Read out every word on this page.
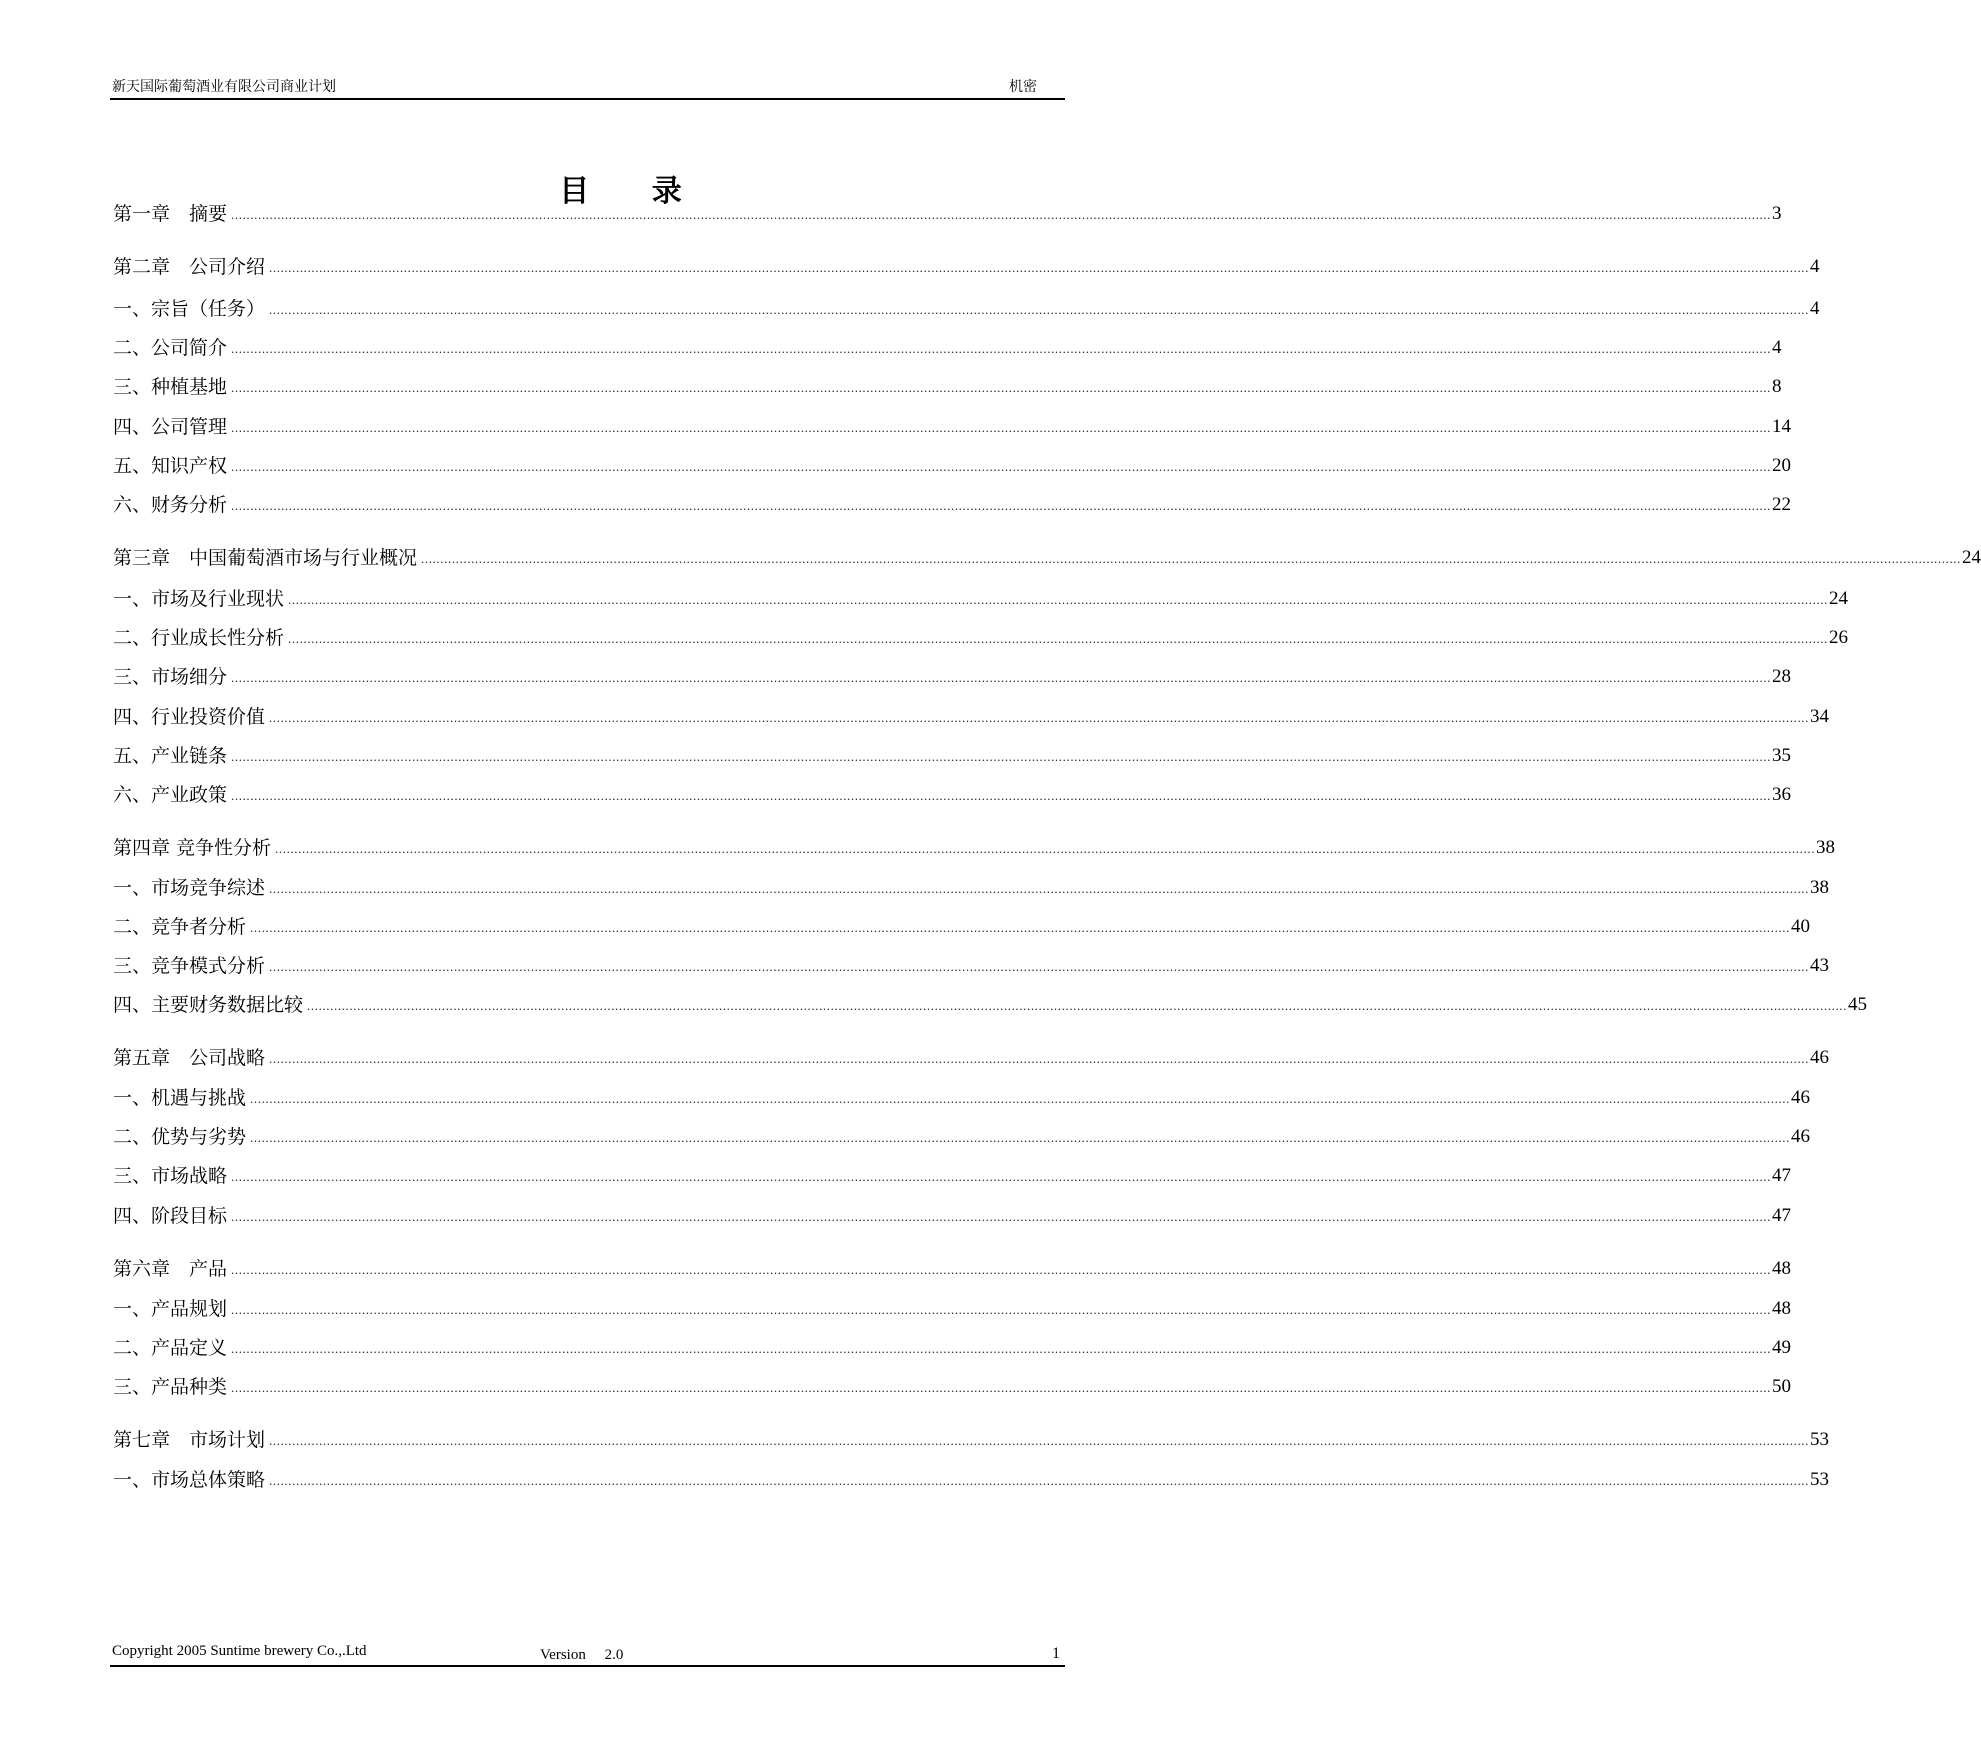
新天国际葡萄酒业有限公司商业计划	机密
目 录
第一章　摘要 ................................................................................................................................................................................................................................................................................................................................................................................................................ 3
第二章　公司介绍 ................................................................................................................................................................................................................................................................................................................................................................................................................ 4
一、宗旨（任务） ................................................................................................................................................................................................................................................................................................................................................................................................................ 4
二、公司简介 ................................................................................................................................................................................................................................................................................................................................................................................................................ 4
三、种植基地 ................................................................................................................................................................................................................................................................................................................................................................................................................ 8
四、公司管理 ................................................................................................................................................................................................................................................................................................................................................................................................................ 14
五、知识产权 ................................................................................................................................................................................................................................................................................................................................................................................................................ 20
六、财务分析 ................................................................................................................................................................................................................................................................................................................................................................................................................ 22
第三章　中国葡萄酒市场与行业概况 ................................................................................................................................................................................................................................................................................................................................................................................................................ 24
一、市场及行业现状 ................................................................................................................................................................................................................................................................................................................................................................................................................ 24
二、行业成长性分析 ................................................................................................................................................................................................................................................................................................................................................................................................................ 26
三、市场细分 ................................................................................................................................................................................................................................................................................................................................................................................................................ 28
四、行业投资价值 ................................................................................................................................................................................................................................................................................................................................................................................................................ 34
五、产业链条 ................................................................................................................................................................................................................................................................................................................................................................................................................ 35
六、产业政策 ................................................................................................................................................................................................................................................................................................................................................................................................................ 36
第四章 竞争性分析 ................................................................................................................................................................................................................................................................................................................................................................................................................ 38
一、市场竞争综述 ................................................................................................................................................................................................................................................................................................................................................................................................................ 38
二、竞争者分析 ................................................................................................................................................................................................................................................................................................................................................................................................................ 40
三、竞争模式分析 ................................................................................................................................................................................................................................................................................................................................................................................................................ 43
四、主要财务数据比较 ................................................................................................................................................................................................................................................................................................................................................................................................................ 45
第五章　公司战略 ................................................................................................................................................................................................................................................................................................................................................................................................................ 46
一、机遇与挑战 ................................................................................................................................................................................................................................................................................................................................................................................................................ 46
二、优势与劣势 ................................................................................................................................................................................................................................................................................................................................................................................................................ 46
三、市场战略 ................................................................................................................................................................................................................................................................................................................................................................................................................ 47
四、阶段目标 ................................................................................................................................................................................................................................................................................................................................................................................................................ 47
第六章　产品 ................................................................................................................................................................................................................................................................................................................................................................................................................ 48
一、产品规划 ................................................................................................................................................................................................................................................................................................................................................................................................................ 48
二、产品定义 ................................................................................................................................................................................................................................................................................................................................................................................................................ 49
三、产品种类 ................................................................................................................................................................................................................................................................................................................................................................................................................ 50
第七章　市场计划 ................................................................................................................................................................................................................................................................................................................................................................................................................ 53
一、市场总体策略 ................................................................................................................................................................................................................................................................................................................................................................................................................ 53
Copyright 2005 Suntime brewery Co.,.Ltd	Version　 2.0	1
